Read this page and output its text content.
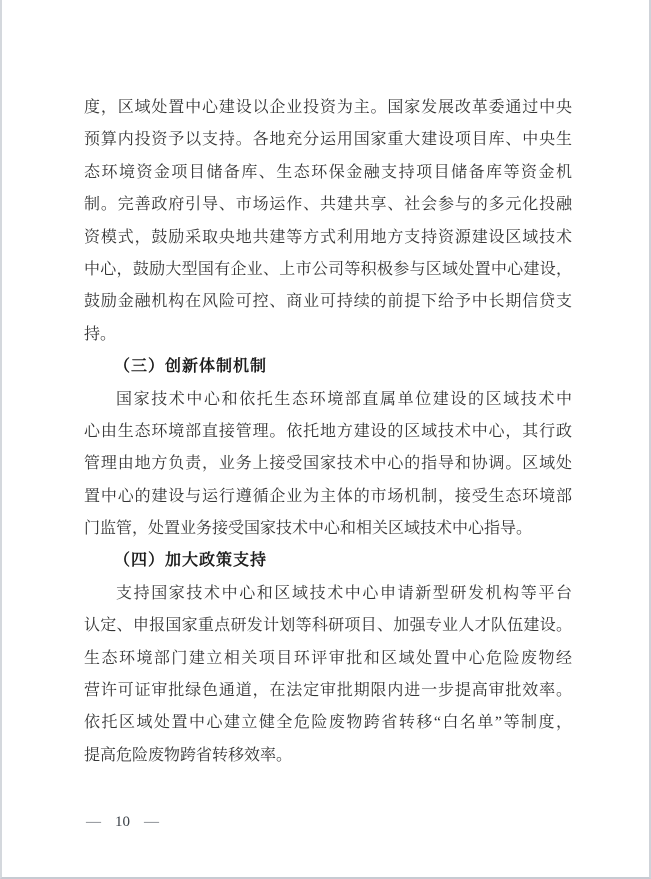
度，区域处置中心建设以企业投资为主。国家发展改革委通过中央
预算内投资予以支持。各地充分运用国家重大建设项目库、中央生
态环境资金项目储备库、生态环保金融支持项目储备库等资金机
制。完善政府引导、市场运作、共建共享、社会参与的多元化投融
资模式，鼓励采取央地共建等方式利用地方支持资源建设区域技术
中心，鼓励大型国有企业、上市公司等积极参与区域处置中心建设，
鼓励金融机构在风险可控、商业可持续的前提下给予中长期信贷支
持。
（三）创新体制机制
国家技术中心和依托生态环境部直属单位建设的区域技术中
心由生态环境部直接管理。依托地方建设的区域技术中心，其行政
管理由地方负责，业务上接受国家技术中心的指导和协调。区域处
置中心的建设与运行遵循企业为主体的市场机制，接受生态环境部
门监管，处置业务接受国家技术中心和相关区域技术中心指导。
（四）加大政策支持
支持国家技术中心和区域技术中心申请新型研发机构等平台
认定、申报国家重点研发计划等科研项目、加强专业人才队伍建设。
生态环境部门建立相关项目环评审批和区域处置中心危险废物经
营许可证审批绿色通道，在法定审批期限内进一步提高审批效率。
依托区域处置中心建立健全危险废物跨省转移“白名单”等制度，
提高危险废物跨省转移效率。
— 10 —
